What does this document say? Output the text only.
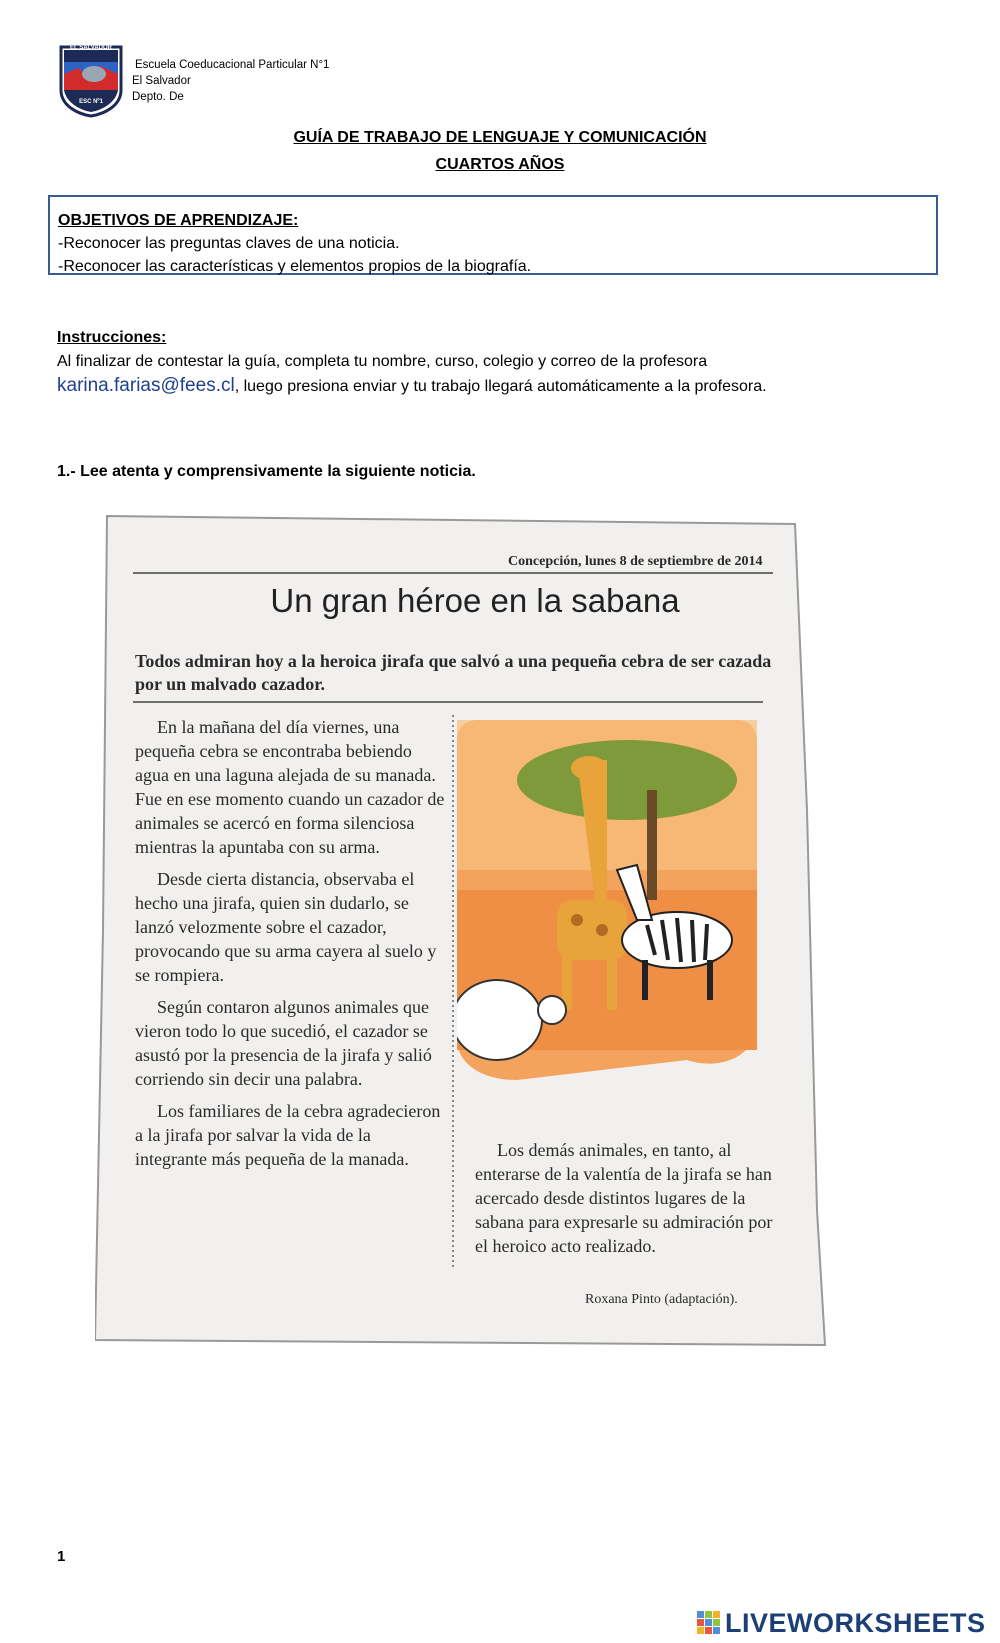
EL SALVADOR
ESC Nº1
Escuela Coeducacional Particular N°1
El Salvador
Depto. De
GUÍA DE TRABAJO DE LENGUAJE Y COMUNICACIÓN
CUARTOS AÑOS
OBJETIVOS DE APRENDIZAJE:
-Reconocer las preguntas claves de una noticia.
-Reconocer las características y elementos propios de la biografía.
Instrucciones:
Al finalizar de contestar la guía, completa tu nombre, curso, colegio y correo de la profesora
karina.farias@fees.cl, luego presiona enviar y tu trabajo llegará automáticamente a la profesora.
1.- Lee atenta y comprensivamente la siguiente noticia.
Concepción, lunes 8 de septiembre de 2014
Un gran héroe en la sabana
Todos admiran hoy a la heroica jirafa que salvó a una pequeña cebra de ser cazada por un malvado cazador.

En la mañana del día viernes, una pequeña cebra se encontraba bebiendo agua en una laguna alejada de su manada. Fue en ese momento cuando un cazador de animales se acercó en forma silenciosa mientras la apuntaba con su arma.

Desde cierta distancia, observaba el hecho una jirafa, quien sin dudarlo, se lanzó velozmente sobre el cazador, provocando que su arma cayera al suelo y se rompiera.

Según contaron algunos animales que vieron todo lo que sucedió, el cazador se asustó por la presencia de la jirafa y salió corriendo sin decir una palabra.

Los familiares de la cebra agradecieron a la jirafa por salvar la vida de la integrante más pequeña de la manada.	Los demás animales, en tanto, al enterarse de la valentía de la jirafa se han acercado desde distintos lugares de la sabana para expresarle su admiración por el heroico acto realizado.

Roxana Pinto (adaptación).
1
LIVEWORKSHEETS
